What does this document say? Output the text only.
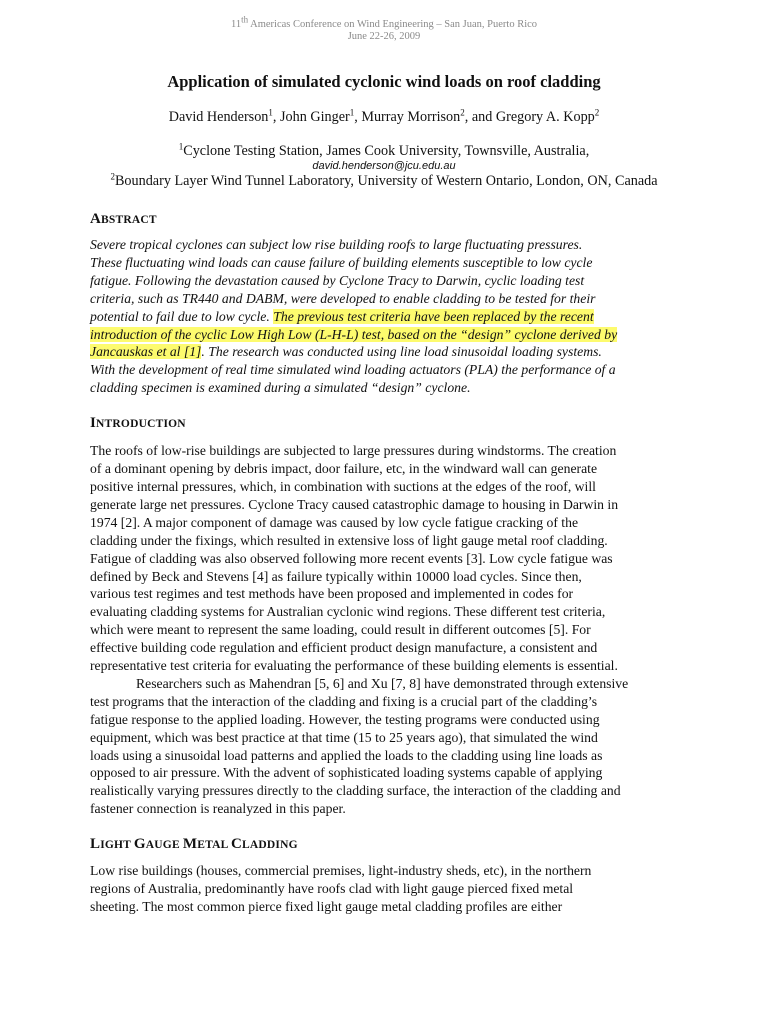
11th Americas Conference on Wind Engineering – San Juan, Puerto Rico
June 22-26, 2009
Application of simulated cyclonic wind loads on roof cladding
David Henderson$^1$, John Ginger$^1$, Murray Morrison$^2$, and Gregory A. Kopp$^2$
$^1$Cyclone Testing Station, James Cook University, Townsville, Australia,
david.henderson@jcu.edu.au
$^2$Boundary Layer Wind Tunnel Laboratory, University of Western Ontario, London, ON, Canada
ABSTRACT
Severe tropical cyclones can subject low rise building roofs to large fluctuating pressures.
These fluctuating wind loads can cause failure of building elements susceptible to low cycle
fatigue. Following the devastation caused by Cyclone Tracy to Darwin, cyclic loading test
criteria, such as TR440 and DABM, were developed to enable cladding to be tested for their
potential to fail due to low cycle. The previous test criteria have been replaced by the recent
introduction of the cyclic Low High Low (L-H-L) test, based on the “design” cyclone derived by
Jancauskas et al [1]. The research was conducted using line load sinusoidal loading systems.
With the development of real time simulated wind loading actuators (PLA) the performance of a
cladding specimen is examined during a simulated “design” cyclone.
INTRODUCTION
The roofs of low-rise buildings are subjected to large pressures during windstorms. The creation
of a dominant opening by debris impact, door failure, etc, in the windward wall can generate
positive internal pressures, which, in combination with suctions at the edges of the roof, will
generate large net pressures. Cyclone Tracy caused catastrophic damage to housing in Darwin in
1974 [2]. A major component of damage was caused by low cycle fatigue cracking of the
cladding under the fixings, which resulted in extensive loss of light gauge metal roof cladding.
Fatigue of cladding was also observed following more recent events [3]. Low cycle fatigue was
defined by Beck and Stevens [4] as failure typically within 10000 load cycles. Since then,
various test regimes and test methods have been proposed and implemented in codes for
evaluating cladding systems for Australian cyclonic wind regions. These different test criteria,
which were meant to represent the same loading, could result in different outcomes [5]. For
effective building code regulation and efficient product design manufacture, a consistent and
representative test criteria for evaluating the performance of these building elements is essential.
Researchers such as Mahendran [5, 6] and Xu [7, 8] have demonstrated through extensive
test programs that the interaction of the cladding and fixing is a crucial part of the cladding’s
fatigue response to the applied loading. However, the testing programs were conducted using
equipment, which was best practice at that time (15 to 25 years ago), that simulated the wind
loads using a sinusoidal load patterns and applied the loads to the cladding using line loads as
opposed to air pressure. With the advent of sophisticated loading systems capable of applying
realistically varying pressures directly to the cladding surface, the interaction of the cladding and
fastener connection is reanalyzed in this paper.
LIGHT GAUGE METAL CLADDING
Low rise buildings (houses, commercial premises, light-industry sheds, etc), in the northern
regions of Australia, predominantly have roofs clad with light gauge pierced fixed metal
sheeting. The most common pierce fixed light gauge metal cladding profiles are either
